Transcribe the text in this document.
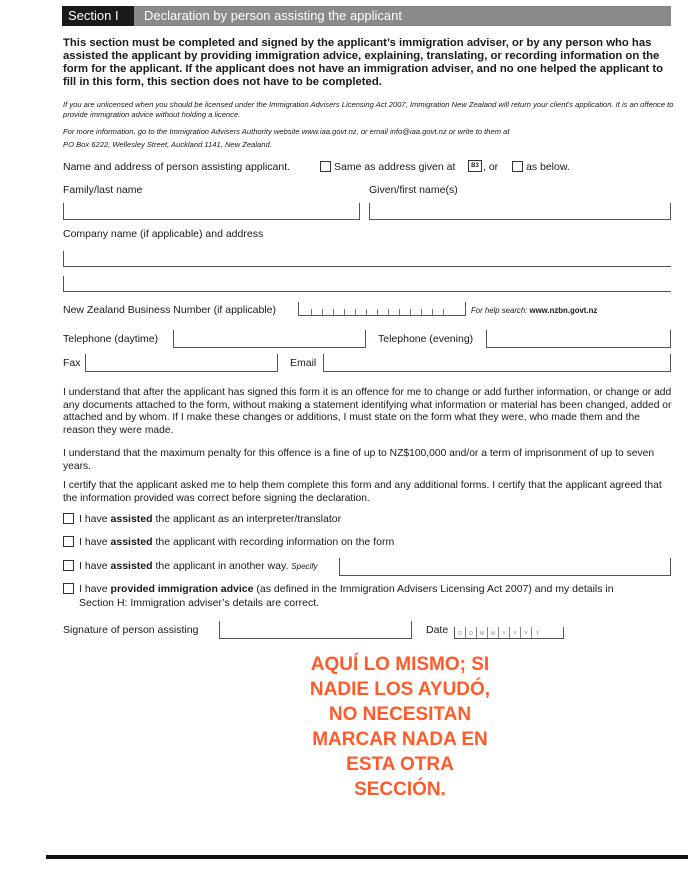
Section I	Declaration by person assisting the applicant
This section must be completed and signed by the applicant’s immigration adviser, or by any person who has assisted the applicant by providing immigration advice, explaining, translating, or recording information on the form for the applicant. If the applicant does not have an immigration adviser, and no one helped the applicant to fill in this form, this section does not have to be completed.
If you are unlicensed when you should be licensed under the Immigration Advisers Licensing Act 2007, Immigration New Zealand will return your client’s application. It is an offence to provide immigration advice without holding a licence.
For more information, go to the Immigration Advisers Authority website www.iaa.govt.nz, or email info@iaa.govt.nz or write to them at
PO Box 6222, Wellesley Street, Auckland 1141, New Zealand.
Name and address of person assisting applicant.	Same as address given at	B3 , or	as below.
Family/last name	Given/first name(s)
Company name (if applicable) and address
New Zealand Business Number (if applicable)	For help search: www.nzbn.govt.nz
Telephone (daytime)	Telephone (evening)
Fax	Email
I understand that after the applicant has signed this form it is an offence for me to change or add further information, or change or add any documents attached to the form, without making a statement identifying what information or material has been changed, added or attached and by whom. If I make these changes or additions, I must state on the form what they were, who made them and the reason they were made.
I understand that the maximum penalty for this offence is a fine of up to NZ$100,000 and/or a term of imprisonment of up to seven years.
I certify that the applicant asked me to help them complete this form and any additional forms. I certify that the applicant agreed that the information provided was correct before signing the declaration.
I have assisted the applicant as an interpreter/translator
I have assisted the applicant with recording information on the form
I have assisted the applicant in another way. Specify
I have provided immigration advice (as defined in the Immigration Advisers Licensing Act 2007) and my details in
Section H: Immigration adviser’s details are correct.
Signature of person assisting	Date	D	D	M	M	Y	Y	Y	Y
AQUÍ LO MISMO; SI
NADIE LOS AYUDÓ,
NO NECESITAN
MARCAR NADA EN
ESTA OTRA
SECCIÓN.
